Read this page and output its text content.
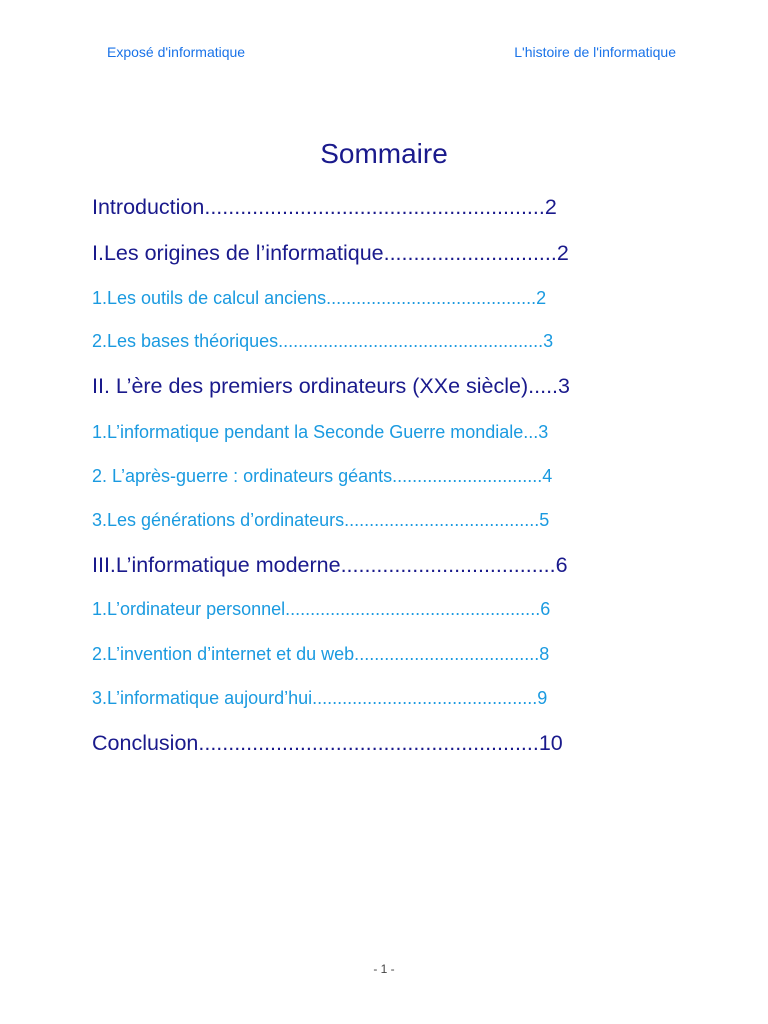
Exposé d'informatique	L'histoire de l'informatique
Sommaire
Introduction.........................................................2
I.Les origines de l’informatique.............................2
1.Les outils de calcul anciens..........................................2
2.Les bases théoriques.....................................................3
II. L’ère des premiers ordinateurs (XXe siècle).....3
1.L’informatique pendant la Seconde Guerre mondiale...3
2. L’après-guerre : ordinateurs géants..............................4
3.Les générations d’ordinateurs.......................................5
III.L’informatique moderne....................................6
1.L’ordinateur personnel...................................................6
2.L’invention d’internet et du web.....................................8
3.L’informatique aujourd’hui.............................................9
Conclusion.........................................................10
- 1 -
